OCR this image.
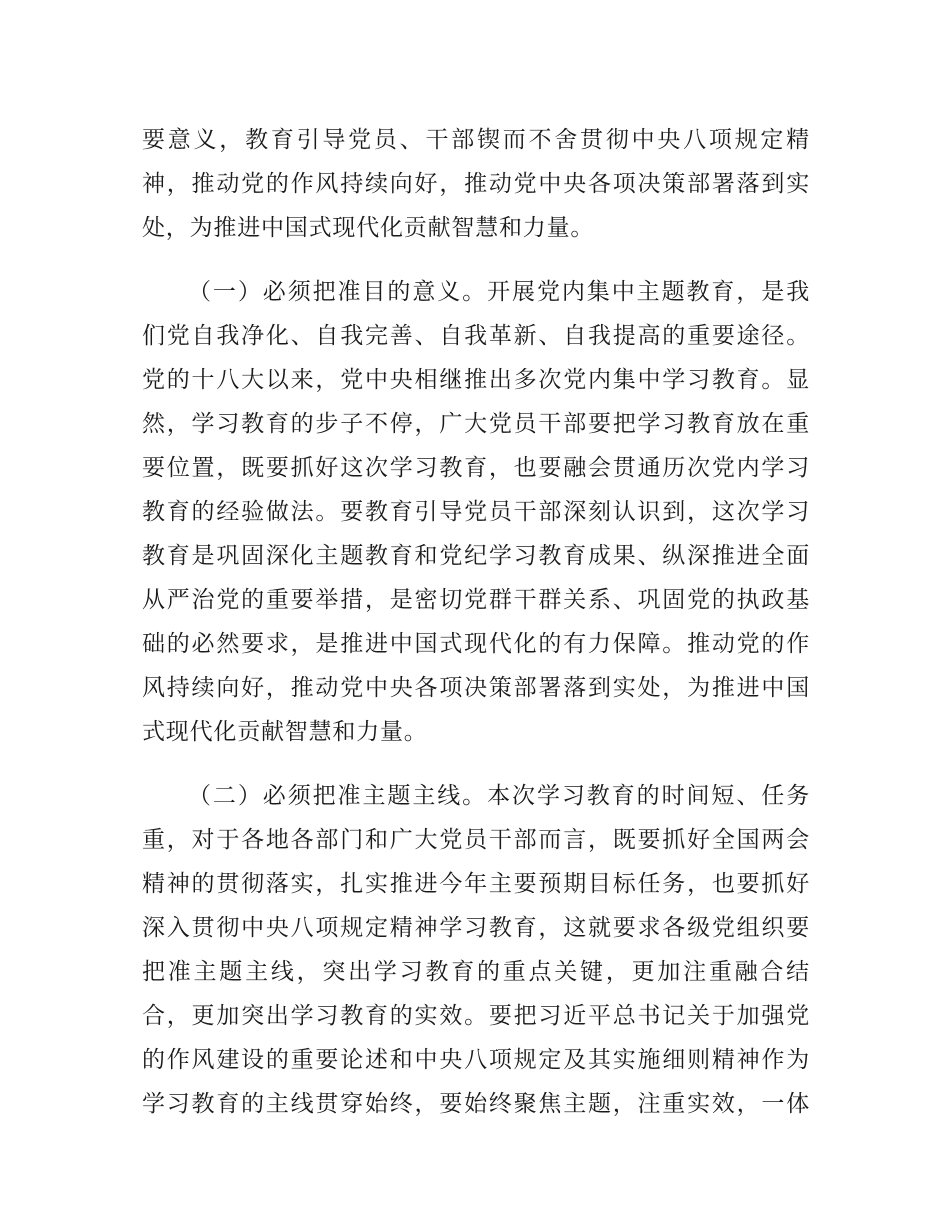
要意义，教育引导党员、干部锲而不舍贯彻中央八项规定精
神，推动党的作风持续向好，推动党中央各项决策部署落到实
处，为推进中国式现代化贡献智慧和力量。
（一）必须把准目的意义。开展党内集中主题教育，是我
们党自我净化、自我完善、自我革新、自我提高的重要途径。
党的十八大以来，党中央相继推出多次党内集中学习教育。显
然，学习教育的步子不停，广大党员干部要把学习教育放在重
要位置，既要抓好这次学习教育，也要融会贯通历次党内学习
教育的经验做法。要教育引导党员干部深刻认识到，这次学习
教育是巩固深化主题教育和党纪学习教育成果、纵深推进全面
从严治党的重要举措，是密切党群干群关系、巩固党的执政基
础的必然要求，是推进中国式现代化的有力保障。推动党的作
风持续向好，推动党中央各项决策部署落到实处，为推进中国
式现代化贡献智慧和力量。
（二）必须把准主题主线。本次学习教育的时间短、任务
重，对于各地各部门和广大党员干部而言，既要抓好全国两会
精神的贯彻落实，扎实推进今年主要预期目标任务，也要抓好
深入贯彻中央八项规定精神学习教育，这就要求各级党组织要
把准主题主线，突出学习教育的重点关键，更加注重融合结
合，更加突出学习教育的实效。要把习近平总书记关于加强党
的作风建设的重要论述和中央八项规定及其实施细则精神作为
学习教育的主线贯穿始终，要始终聚焦主题，注重实效，一体
